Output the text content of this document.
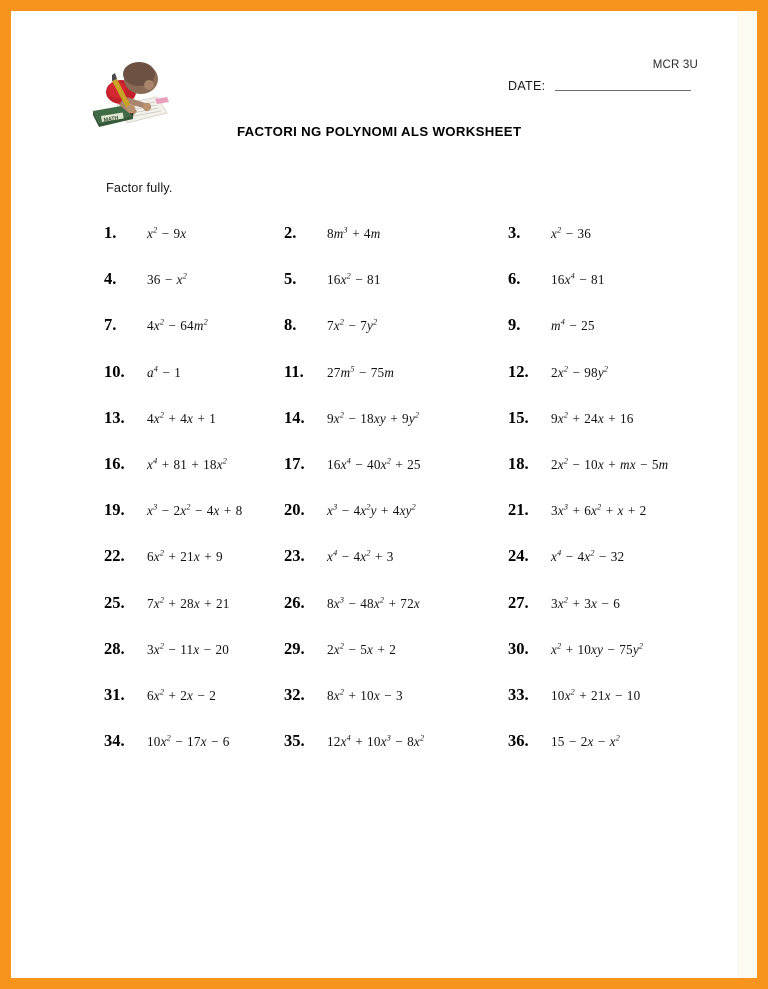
MATH
MCR 3U
DATE:
FACTORI NG POLYNOMI ALS WORKSHEET
Factor fully.
1.	$x^2 - 9x$	2.	$8m^3 + 4m$	3.	$x^2 - 36$
4.	$36 - x^2$	5.	$16x^2 - 81$	6.	$16x^4 - 81$
7.	$4x^2 - 64m^2$	8.	$7x^2 - 7y^2$	9.	$m^4 - 25$
10.	$a^4 - 1$	11.	$27m^5 - 75m$	12.	$2x^2 - 98y^2$
13.	$4x^2 + 4x + 1$	14.	$9x^2 - 18xy + 9y^2$	15.	$9x^2 + 24x + 16$
16.	$x^4 + 81 + 18x^2$	17.	$16x^4 - 40x^2 + 25$	18.	$2x^2 - 10x$ + mx − 5m
19.	$x^3 - 2x^2 - 4x + 8$	20.	$x^3 - 4x^2y + 4xy^2$	21.	$3x^3 + 6x^2 + x + 2$
22.	$6x^2 + 21x + 9$	23.	$x^4 - 4x^2 + 3$	24.	$x^4 - 4x^2 - 32$
25.	$7x^2 + 28x + 21$	26.	$8x^3 - 48x^2 + 72x$	27.	$3x^2 + 3x - 6$
28.	$3x^2 - 11x - 20$	29.	$2x^2 - 5x + 2$	30.	$x^2 + 10xy - 75y^2$
31.	$6x^2 + 2x - 2$	32.	$8x^2 + 10x - 3$	33.	$10x^2 + 21x - 10$
34.	$10x^2 - 17x - 6$	35.	$12x^4 + 10x^3 - 8x^2$	36.	$15 - 2x - x^2$
